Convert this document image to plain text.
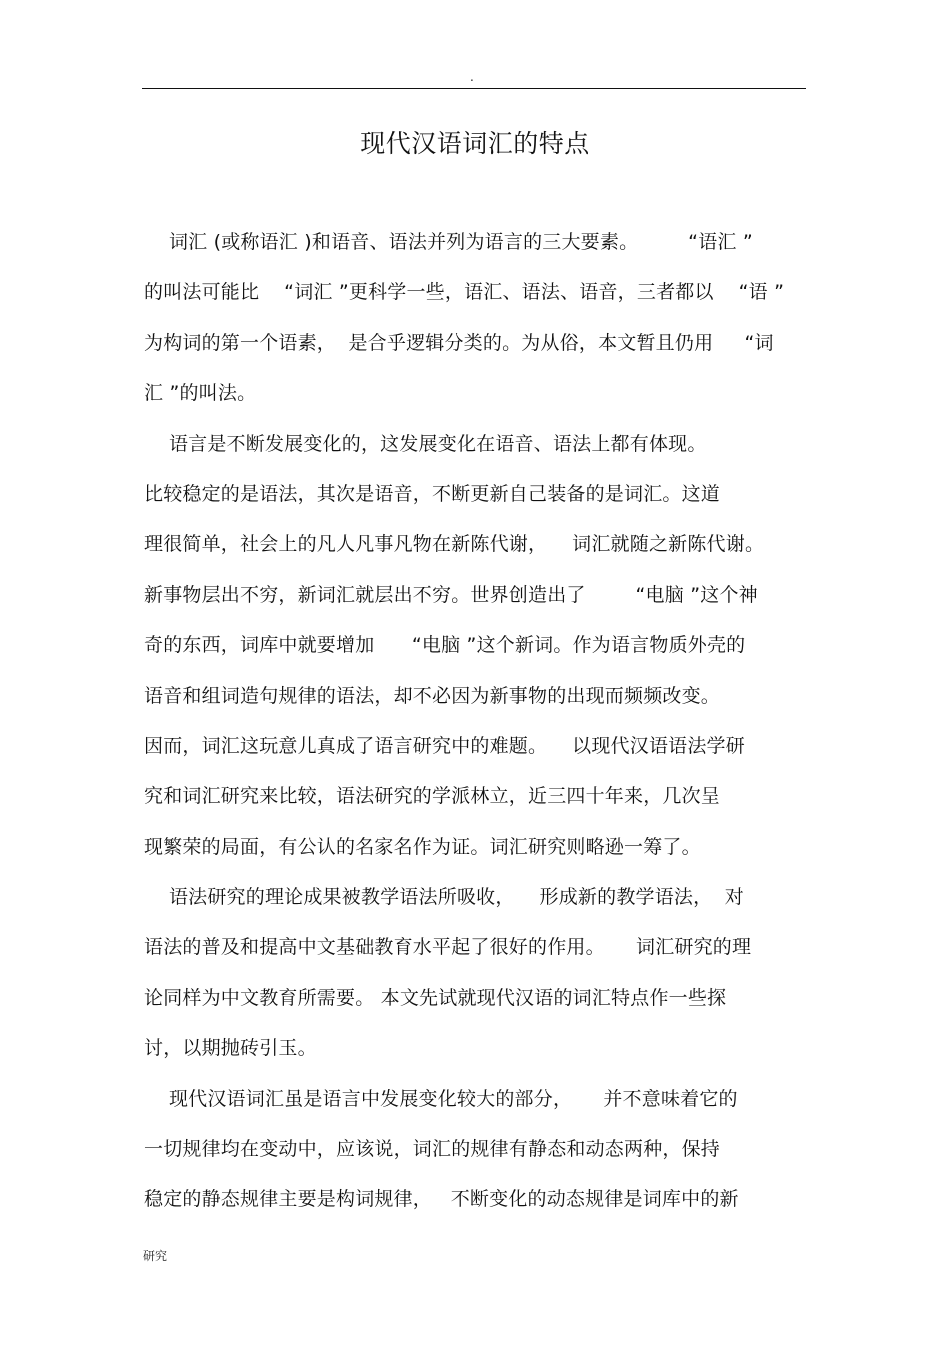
.
现代汉语词汇的特点
词汇 (或称语汇 )和语音、语法并列为语言的三大要素。        “语汇 ”
的叫法可能比    “词汇 ”更科学一些，语汇、语法、语音，三者都以    “语 ”
为构词的第一个语素，  是合乎逻辑分类的。为从俗，本文暂且仍用     “词
汇 ”的叫法。
语言是不断发展变化的，这发展变化在语音、语法上都有体现。
比较稳定的是语法，其次是语音，不断更新自己装备的是词汇。这道
理很简单，社会上的凡人凡事凡物在新陈代谢，    词汇就随之新陈代谢。
新事物层出不穷，新词汇就层出不穷。世界创造出了        “电脑 ”这个神
奇的东西，词库中就要增加      “电脑 ”这个新词。作为语言物质外壳的
语音和组词造句规律的语法，却不必因为新事物的出现而频频改变。
因而，词汇这玩意儿真成了语言研究中的难题。    以现代汉语语法学研
究和词汇研究来比较，语法研究的学派林立，近三四十年来，几次呈
现繁荣的局面，有公认的名家名作为证。词汇研究则略逊一筹了。
语法研究的理论成果被教学语法所吸收，    形成新的教学语法，  对
语法的普及和提高中文基础教育水平起了很好的作用。     词汇研究的理
论同样为中文教育所需要。 本文先试就现代汉语的词汇特点作一些探
讨，以期抛砖引玉。
现代汉语词汇虽是语言中发展变化较大的部分，     并不意味着它的
一切规律均在变动中，应该说，词汇的规律有静态和动态两种，保持
稳定的静态规律主要是构词规律，   不断变化的动态规律是词库中的新
研究
